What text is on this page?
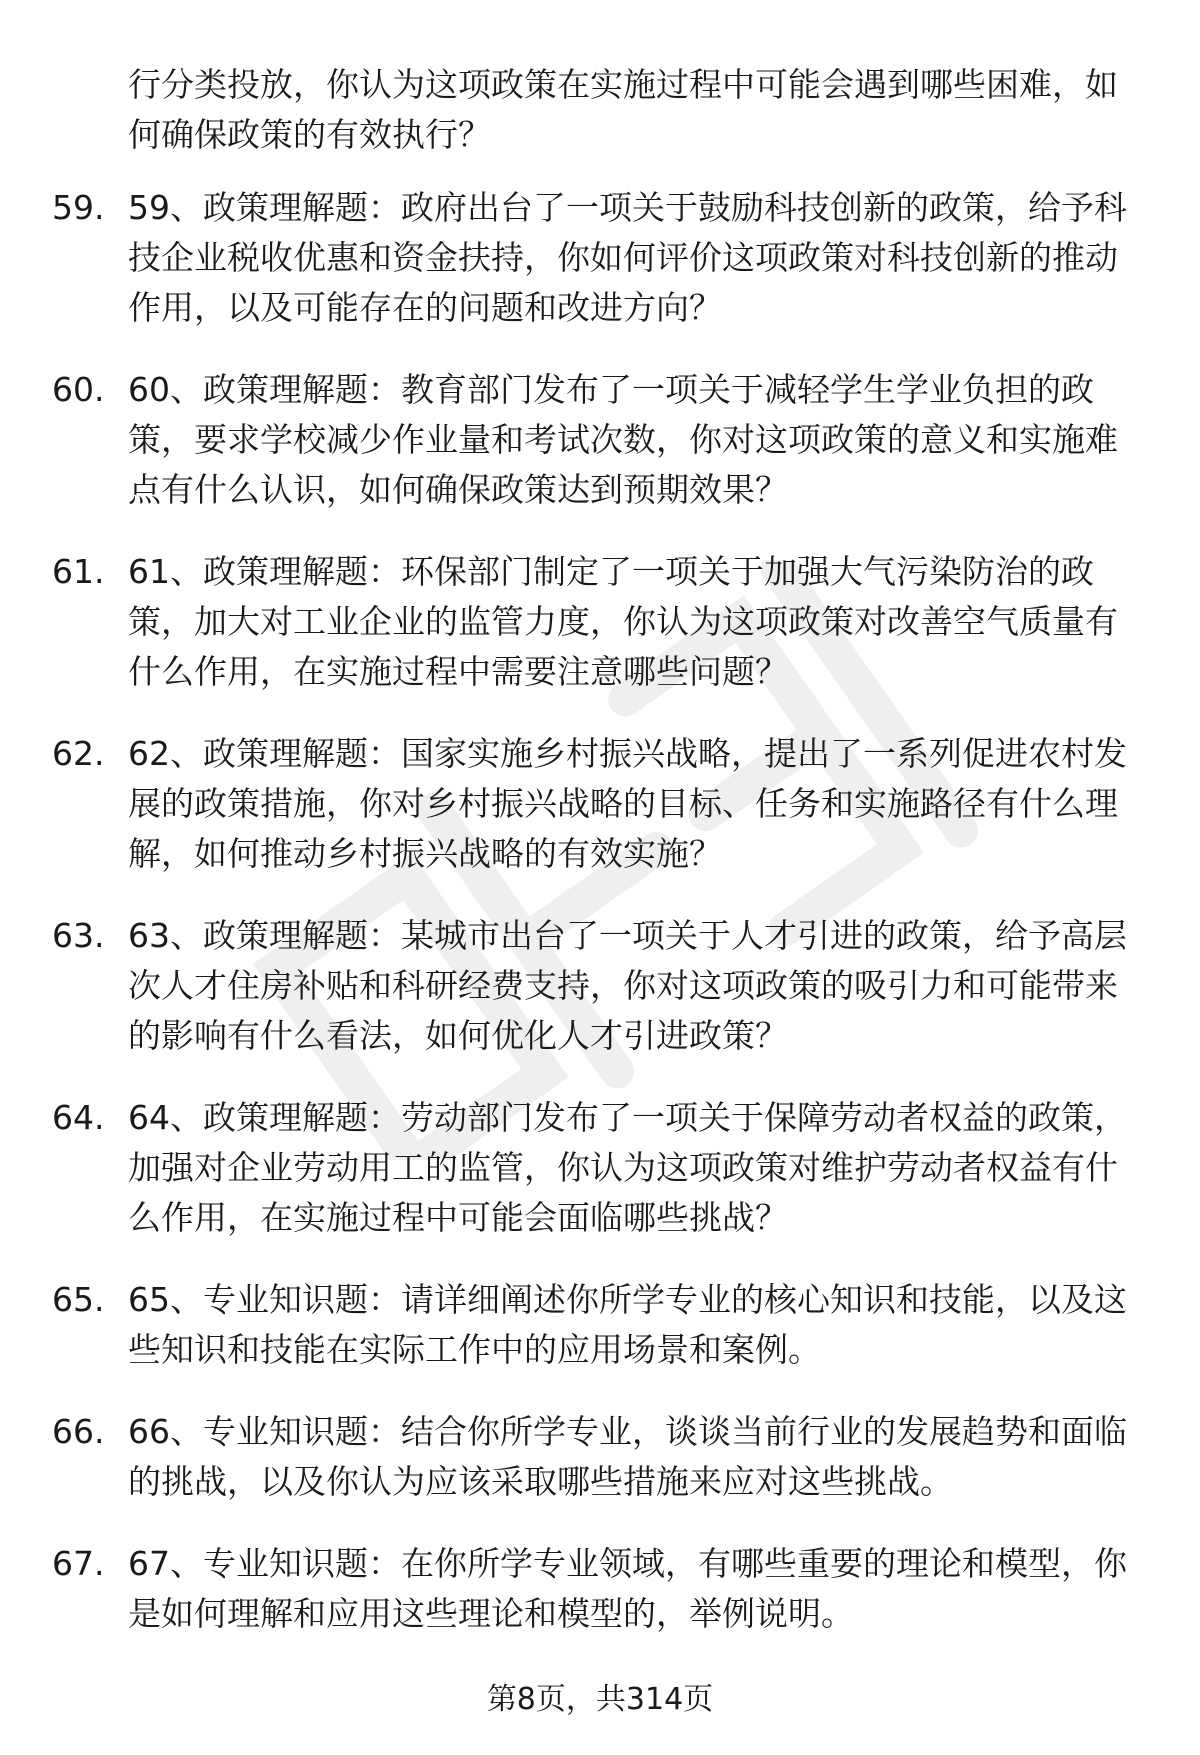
行分类投放，你认为这项政策在实施过程中可能会遇到哪些困难，如何确保政策的有效执行？

59. 59、政策理解题：政府出台了一项关于鼓励科技创新的政策，给予科技企业税收优惠和资金扶持，你如何评价这项政策对科技创新的推动作用，以及可能存在的问题和改进方向？
60. 60、政策理解题：教育部门发布了一项关于减轻学生学业负担的政策，要求学校减少作业量和考试次数，你对这项政策的意义和实施难点有什么认识，如何确保政策达到预期效果？
61. 61、政策理解题：环保部门制定了一项关于加强大气污染防治的政策，加大对工业企业的监管力度，你认为这项政策对改善空气质量有什么作用，在实施过程中需要注意哪些问题？
62. 62、政策理解题：国家实施乡村振兴战略，提出了一系列促进农村发展的政策措施，你对乡村振兴战略的目标、任务和实施路径有什么理解，如何推动乡村振兴战略的有效实施？
63. 63、政策理解题：某城市出台了一项关于人才引进的政策，给予高层次人才住房补贴和科研经费支持，你对这项政策的吸引力和可能带来的影响有什么看法，如何优化人才引进政策？
64. 64、政策理解题：劳动部门发布了一项关于保障劳动者权益的政策，加强对企业劳动用工的监管，你认为这项政策对维护劳动者权益有什么作用，在实施过程中可能会面临哪些挑战？
65. 65、专业知识题：请详细阐述你所学专业的核心知识和技能，以及这些知识和技能在实际工作中的应用场景和案例。
66. 66、专业知识题：结合你所学专业，谈谈当前行业的发展趋势和面临的挑战，以及你认为应该采取哪些措施来应对这些挑战。
67. 67、专业知识题：在你所学专业领域，有哪些重要的理论和模型，你是如何理解和应用这些理论和模型的，举例说明。
第8页，共314页
